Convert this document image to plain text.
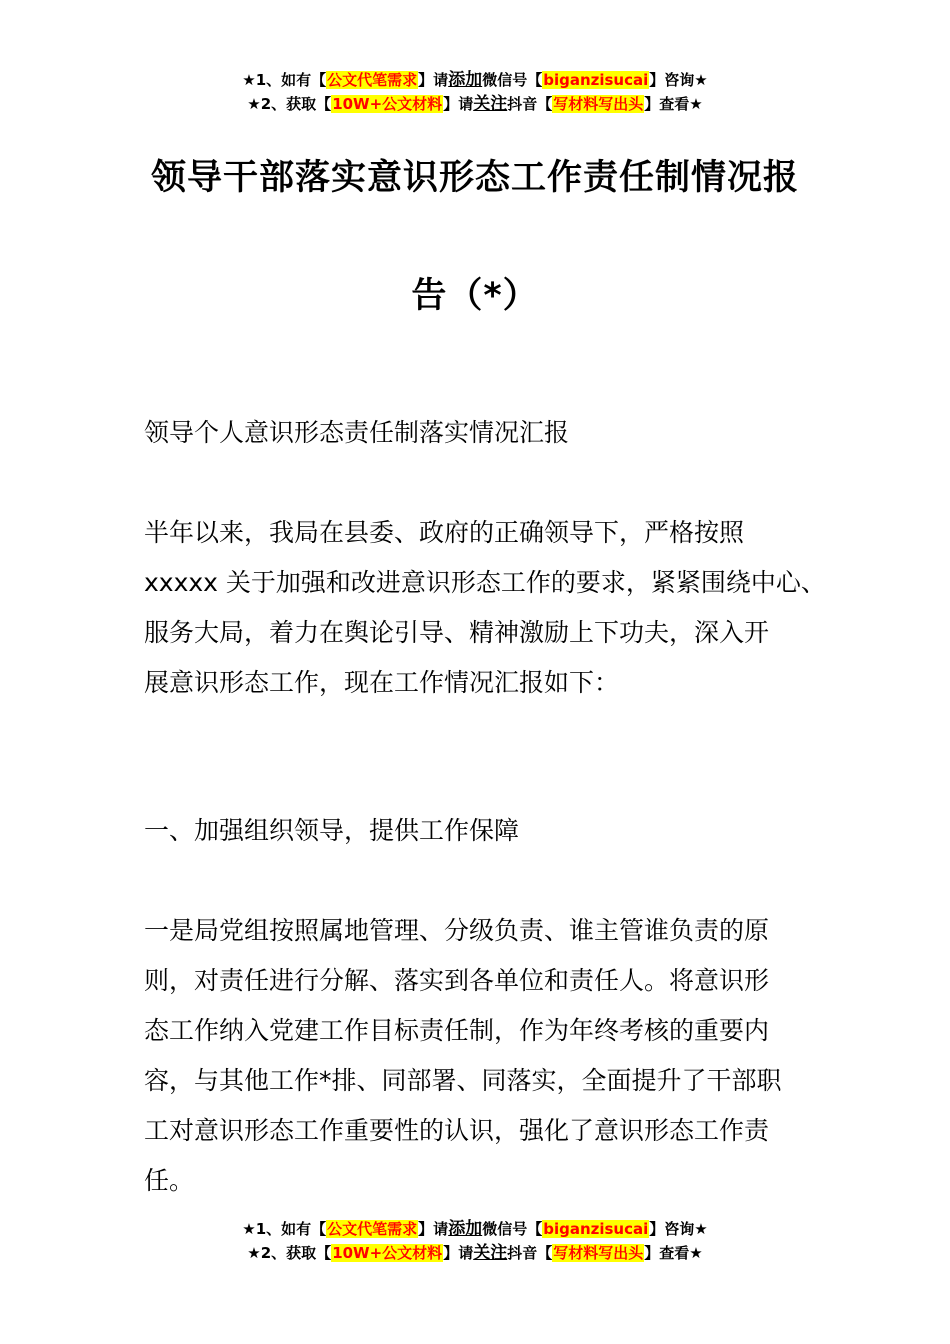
★1、如有【公文代笔需求】请添加微信号【biganzisucai】咨询★
★2、获取【10W+公文材料】请关注抖音【写材料写出头】查看★
领导干部落实意识形态工作责任制情况报
告（*）
领导个人意识形态责任制落实情况汇报
半年以来，我局在县委、政府的正确领导下，严格按照
xxxxx 关于加强和改进意识形态工作的要求，紧紧围绕中心、
服务大局，着力在舆论引导、精神激励上下功夫，深入开
展意识形态工作，现在工作情况汇报如下：
一、加强组织领导，提供工作保障
一是局党组按照属地管理、分级负责、谁主管谁负责的原
则，对责任进行分解、落实到各单位和责任人。将意识形
态工作纳入党建工作目标责任制，作为年终考核的重要内
容，与其他工作*排、同部署、同落实，全面提升了干部职
工对意识形态工作重要性的认识，强化了意识形态工作责
任。
★1、如有【公文代笔需求】请添加微信号【biganzisucai】咨询★
★2、获取【10W+公文材料】请关注抖音【写材料写出头】查看★
